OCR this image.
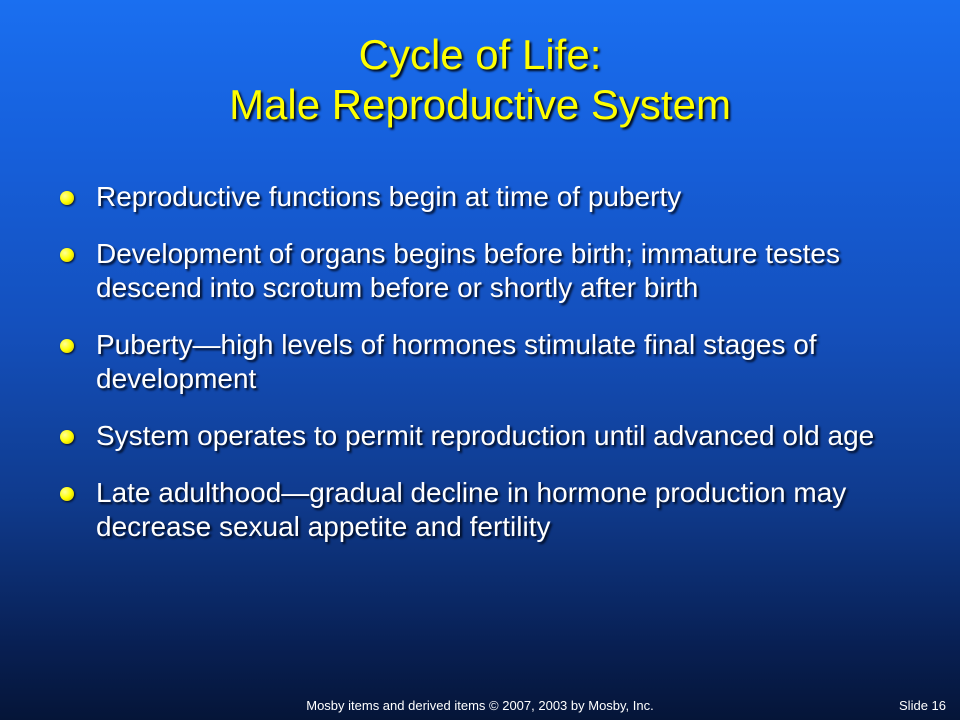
Cycle of Life:
Male Reproductive System
Reproductive functions begin at time of puberty
Development of organs begins before birth; immature testes descend into scrotum before or shortly after birth
Puberty—high levels of hormones stimulate final stages of development
System operates to permit reproduction until advanced old age
Late adulthood—gradual decline in hormone production may decrease sexual appetite and fertility
Mosby items and derived items © 2007, 2003 by Mosby, Inc.	Slide 16
